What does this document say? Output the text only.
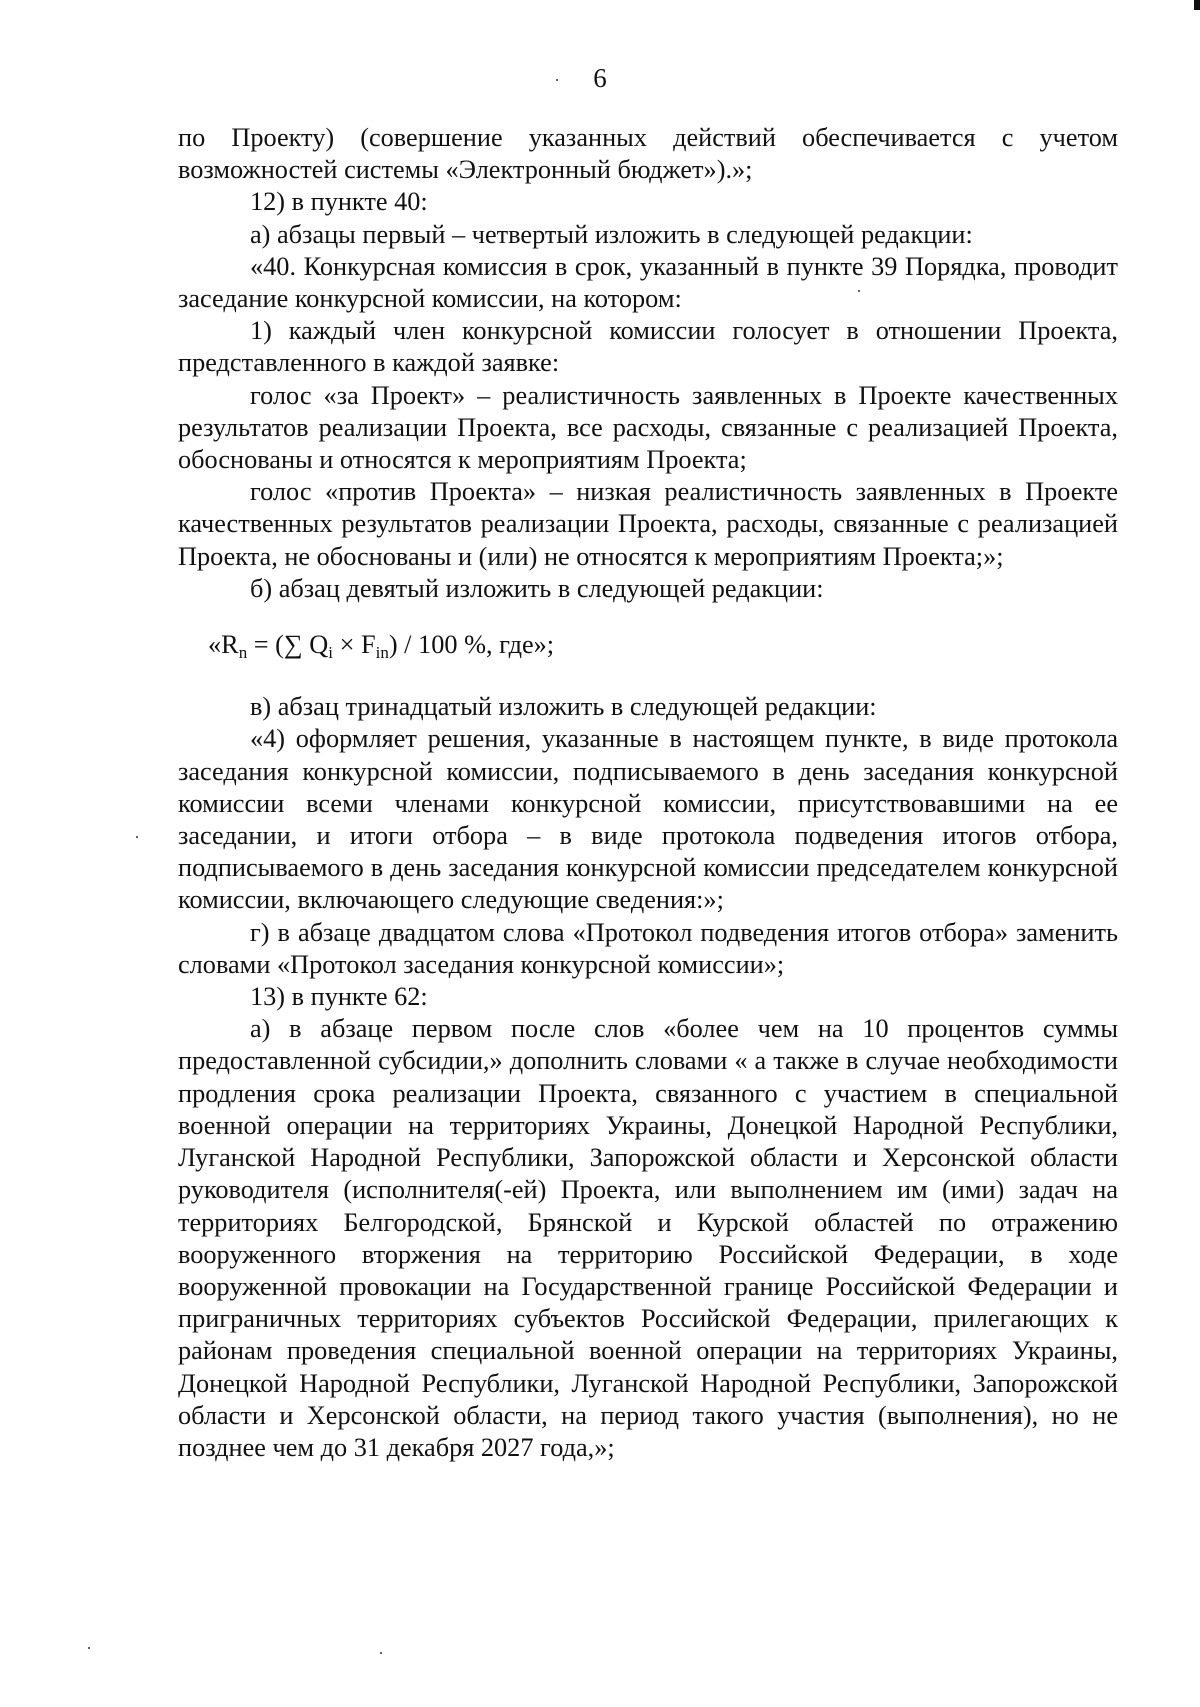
6

по Проекту) (совершение указанных действий обеспечивается с учетом возможностей системы «Электронный бюджет»).»;

12) в пункте 40:

а) абзацы первый – четвертый изложить в следующей редакции:

«40. Конкурсная комиссия в срок, указанный в пункте 39 Порядка, проводит заседание конкурсной комиссии, на котором:

1) каждый член конкурсной комиссии голосует в отношении Проекта, представленного в каждой заявке:

голос «за Проект» – реалистичность заявленных в Проекте качественных результатов реализации Проекта, все расходы, связанные с реализацией Проекта, обоснованы и относятся к мероприятиям Проекта;

голос «против Проекта» – низкая реалистичность заявленных в Проекте качественных результатов реализации Проекта, расходы, связанные с реализацией Проекта, не обоснованы и (или) не относятся к мероприятиям Проекта;»;

б) абзац девятый изложить в следующей редакции:

«$R_n$ = (∑ $Q_i \times F_{in}) / 100$ %, где»;

в) абзац тринадцатый изложить в следующей редакции:

«4) оформляет решения, указанные в настоящем пункте, в виде протокола заседания конкурсной комиссии, подписываемого в день заседания конкурсной комиссии всеми членами конкурсной комиссии, присутствовавшими на ее заседании, и итоги отбора – в виде протокола подведения итогов отбора, подписываемого в день заседания конкурсной комиссии председателем конкурсной комиссии, включающего следующие сведения:»;

г) в абзаце двадцатом слова «Протокол подведения итогов отбора» заменить словами «Протокол заседания конкурсной комиссии»;

13) в пункте 62:

а) в абзаце первом после слов «более чем на 10 процентов суммы предоставленной субсидии,» дополнить словами « а также в случае необходимости продления срока реализации Проекта, связанного с участием в специальной военной операции на территориях Украины, Донецкой Народной Республики, Луганской Народной Республики, Запорожской области и Херсонской области руководителя (исполнителя(-ей) Проекта, или выполнением им (ими) задач на территориях Белгородской, Брянской и Курской областей по отражению вооруженного вторжения на территорию Российской Федерации, в ходе вооруженной провокации на Государственной границе Российской Федерации и приграничных территориях субъектов Российской Федерации, прилегающих к районам проведения специальной военной операции на территориях Украины, Донецкой Народной Республики, Луганской Народной Республики, Запорожской области и Херсонской области, на период такого участия (выполнения), но не позднее чем до 31 декабря 2027 года,»;
